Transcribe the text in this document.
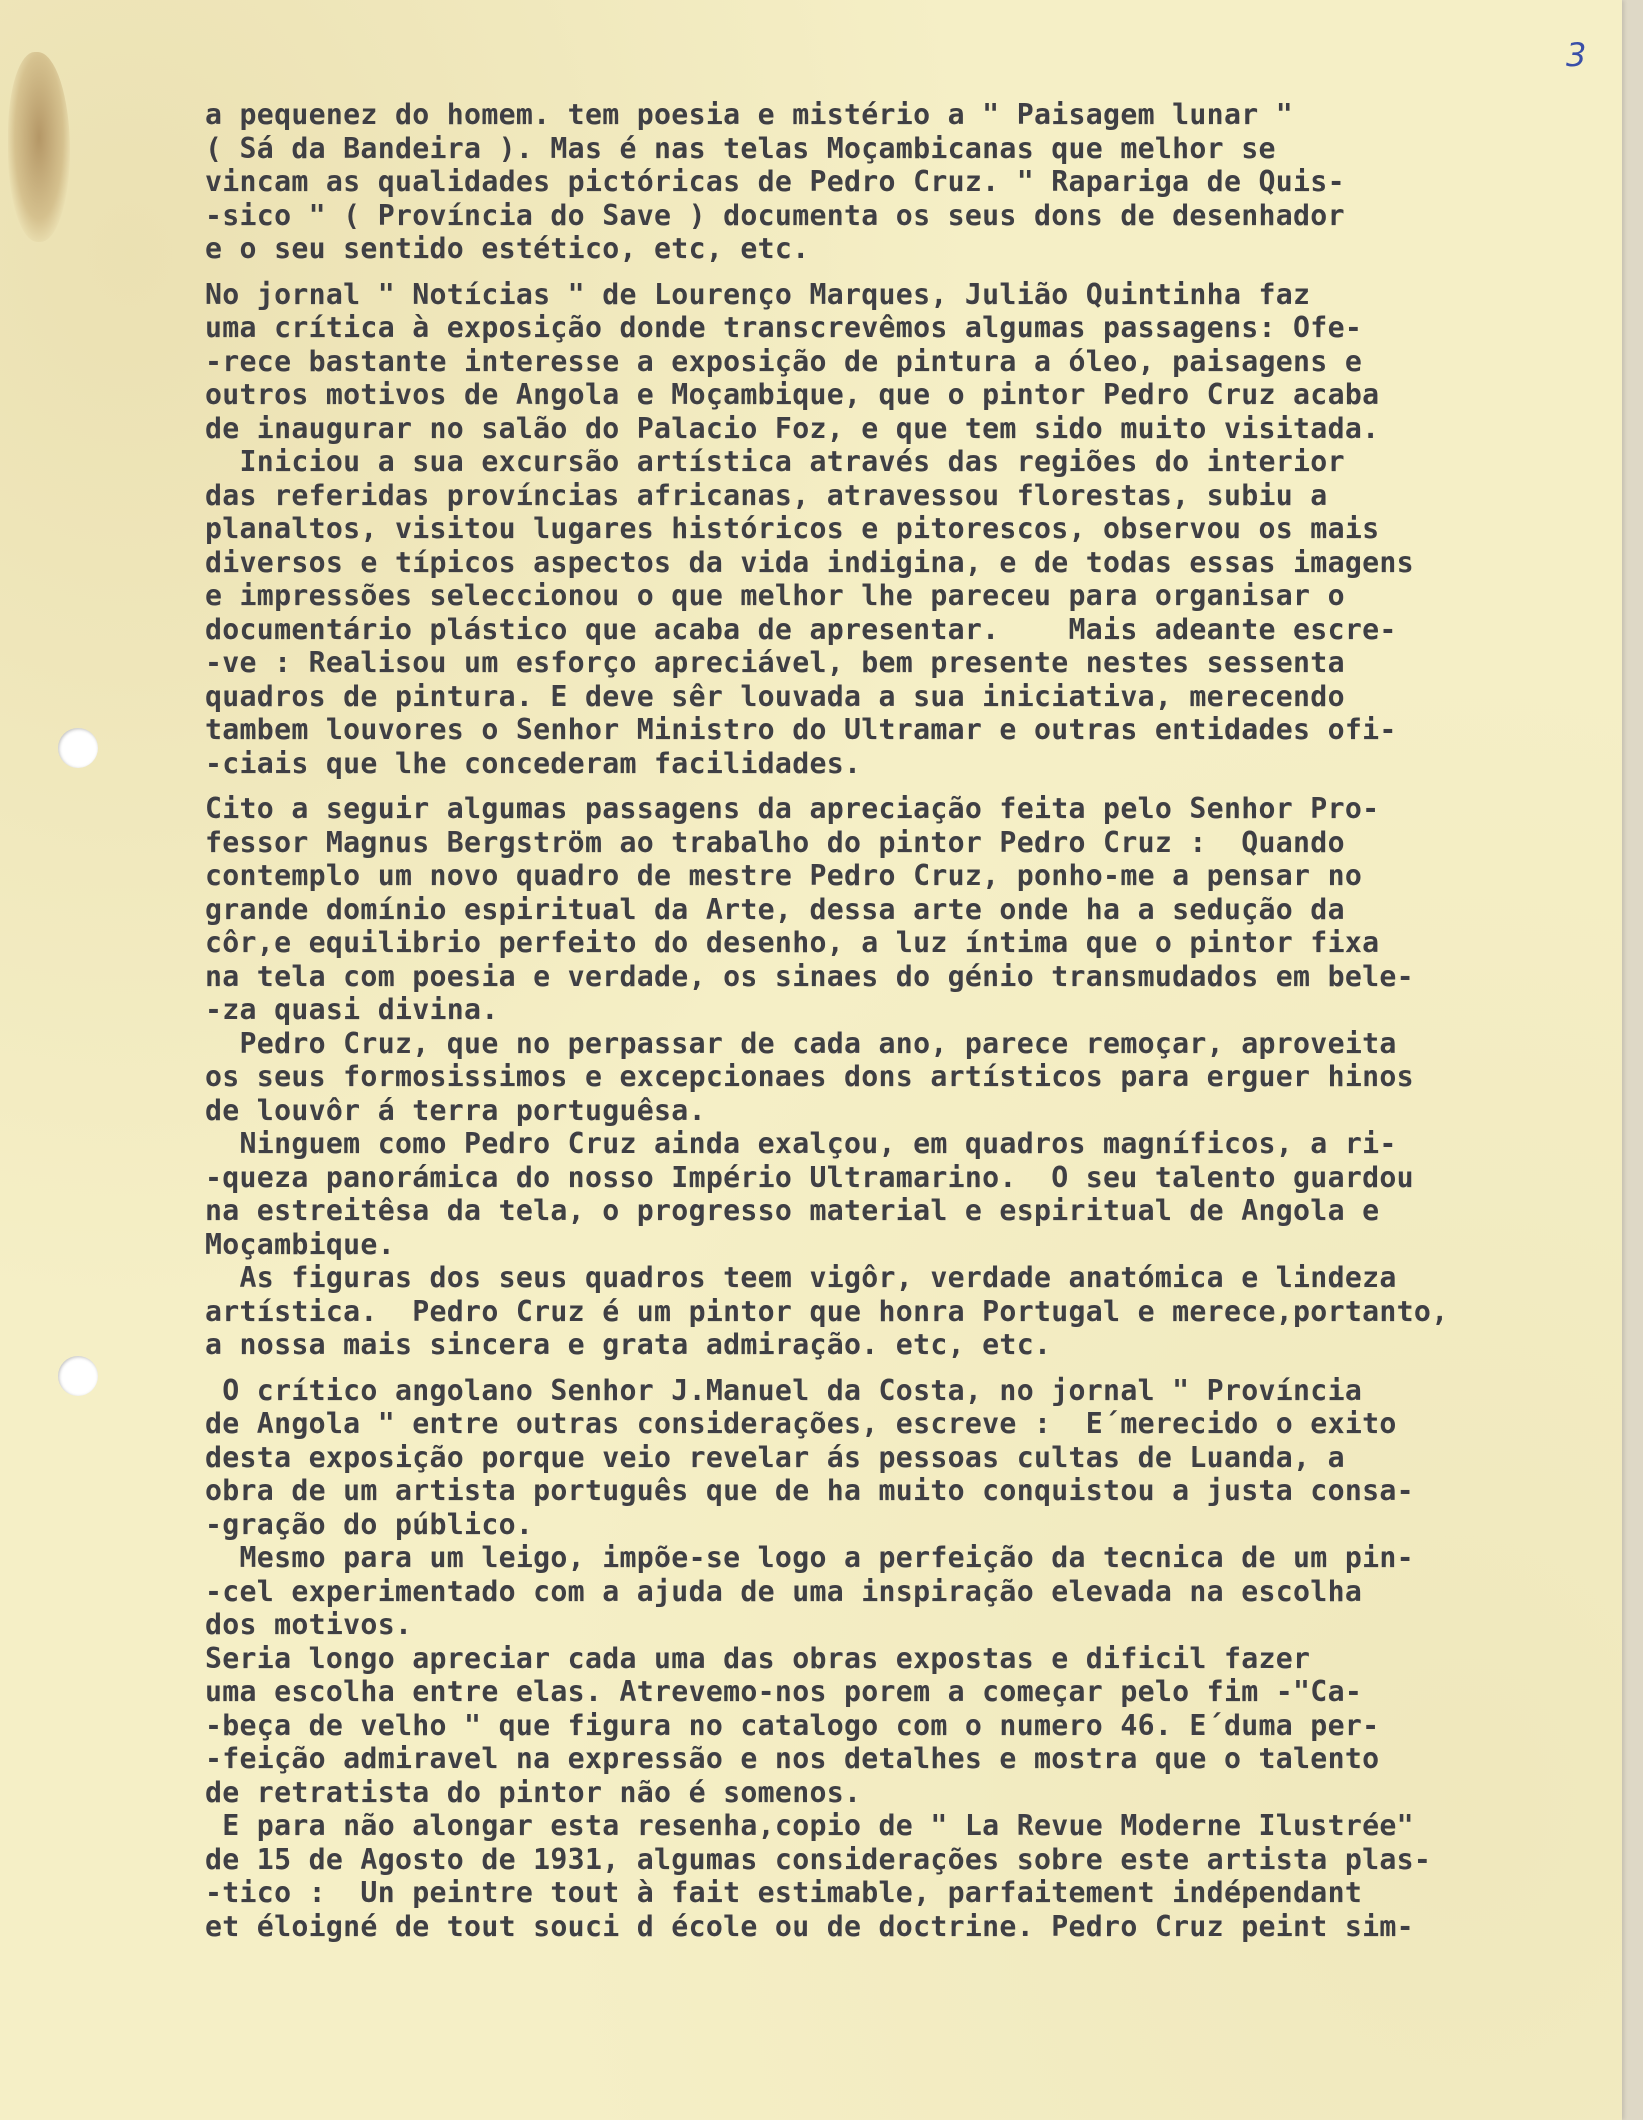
3
a pequenez do homem. tem poesia e mistério a " Paisagem lunar "
( Sá da Bandeira ). Mas é nas telas Moçambicanas que melhor se
vincam as qualidades pictóricas de Pedro Cruz. " Rapariga de Quis-
-sico " ( Província do Save ) documenta os seus dons de desenhador
e o seu sentido estético, etc, etc.
No jornal " Notícias " de Lourenço Marques, Julião Quintinha faz
uma crítica à exposição donde transcrevêmos algumas passagens: Ofe-
-rece bastante interesse a exposição de pintura a óleo, paisagens e
outros motivos de Angola e Moçambique, que o pintor Pedro Cruz acaba
de inaugurar no salão do Palacio Foz, e que tem sido muito visitada.
Iniciou a sua excursão artística através das regiões do interior
das referidas províncias africanas, atravessou florestas, subiu a
planaltos, visitou lugares históricos e pitorescos, observou os mais
diversos e típicos aspectos da vida indigina, e de todas essas imagens
e impressões seleccionou o que melhor lhe pareceu para organisar o
documentário plástico que acaba de apresentar.    Mais adeante escre-
-ve : Realisou um esforço apreciável, bem presente nestes sessenta
quadros de pintura. E deve sêr louvada a sua iniciativa, merecendo
tambem louvores o Senhor Ministro do Ultramar e outras entidades ofi-
-ciais que lhe concederam facilidades.
Cito a seguir algumas passagens da apreciação feita pelo Senhor Pro-
fessor Magnus Bergström ao trabalho do pintor Pedro Cruz :  Quando
contemplo um novo quadro de mestre Pedro Cruz, ponho-me a pensar no
grande domínio espiritual da Arte, dessa arte onde ha a sedução da
côr,e equilibrio perfeito do desenho, a luz íntima que o pintor fixa
na tela com poesia e verdade, os sinaes do génio transmudados em bele-
-za quasi divina.
Pedro Cruz, que no perpassar de cada ano, parece remoçar, aproveita
os seus formosissimos e excepcionaes dons artísticos para erguer hinos
de louvôr á terra portuguêsa.
Ninguem como Pedro Cruz ainda exalçou, em quadros magníficos, a ri-
-queza panorámica do nosso Império Ultramarino.  O seu talento guardou
na estreitêsa da tela, o progresso material e espiritual de Angola e
Moçambique.
As figuras dos seus quadros teem vigôr, verdade anatómica e lindeza
artística.  Pedro Cruz é um pintor que honra Portugal e merece,portanto,
a nossa mais sincera e grata admiração. etc, etc.
O crítico angolano Senhor J.Manuel da Costa, no jornal " Província
de Angola " entre outras considerações, escreve :  E´merecido o exito
desta exposição porque veio revelar ás pessoas cultas de Luanda, a
obra de um artista português que de ha muito conquistou a justa consa-
-gração do público.
Mesmo para um leigo, impõe-se logo a perfeição da tecnica de um pin-
-cel experimentado com a ajuda de uma inspiração elevada na escolha
dos motivos.
Seria longo apreciar cada uma das obras expostas e dificil fazer
uma escolha entre elas. Atrevemo-nos porem a começar pelo fim -"Ca-
-beça de velho " que figura no catalogo com o numero 46. E´duma per-
-feição admiravel na expressão e nos detalhes e mostra que o talento
de retratista do pintor não é somenos.
E para não alongar esta resenha,copio de " La Revue Moderne Ilustrée"
de 15 de Agosto de 1931, algumas considerações sobre este artista plas-
-tico :  Un peintre tout à fait estimable, parfaitement indépendant
et éloigné de tout souci d école ou de doctrine. Pedro Cruz peint sim-
